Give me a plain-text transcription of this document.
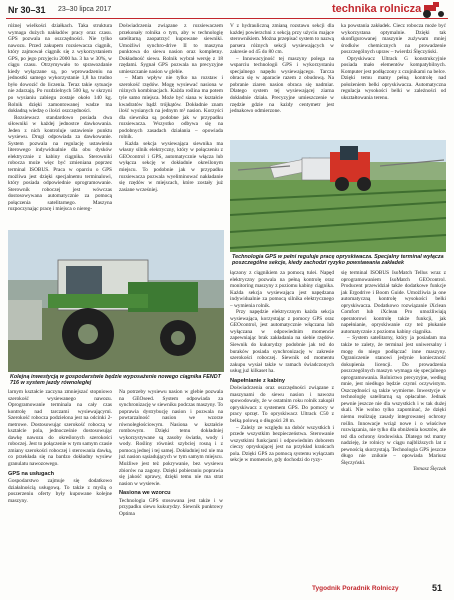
Nr 30–31 23–30 lipca 2017	technika rolnicza

różnej wielkości działkach. Taka struktura wymaga dużych nakładów pracy oraz czasu. GPS pozwala na oszczędności. Nie tylko nawozu. Przed zakupem rozsiewacza ciągnik, który zajmował ciągnik się z wykorzystaniem GPS, po jego przyjęciu 2000 ha. 3 ha w 30%, w ciągu czasu. Otrzymywało to sprawozdanie kiedy wyłączane są, po wprowadzeniu na jednostki samego wykorzystanie 1,8 ha trudno było dowozić do liczenia. Teraz takie sytuacje nie zdarzają. Po rozdzielnych 500 kg, w skrzyni po wysianiu zabiegu zostaje około 140 kg. Rolnik dzięki zamontowanej wadze ma dokładną wiedzę o ilości oszczędności.

Rozsiewacz standardowo posiada dwa siłowniki w każdej jednostce dawkowania. Jeden z nich kontroluje ustawienie punktu wysiewu. Drugi odpowiada za dawkowanie. System pozwala na regulację ustawienia literowego indywidualnie dla obu dysków elektrycznie z kabiny ciągnika. Sterowniki robocza może więc być zmieniana poprzez terminal ISOBUS. Praca w oparciu o GPS możliwa jest dzięki specjalnemu terminalowi, który posiada odpowiednie oprogramowanie. Sterownik roboczej jest wówczas dostosowywana automatycznie za pomocą połączenia satelitarnego. Maszyna rozpoczynając pracę i miejsca o niereg-

Doświadczenia związane z rozsiewaczem przekonały rolnika o tym, aby w technologię satelitarną zaopatrzyć kupowane siewniki. Umożliwi synchro-drive II to maszyna punktowa do siewu nasion oraz kompletny. Dokładność siewu. Rolnik wybrał wersję z 18 rzędami. Sygnał GPS pozwala na precyzyjne umieszczanie nasion w glebie.

– Mam wpływ nie tylko na rozstaw i szerokość rzędów. Mogę wysiewać nasiona w różnych kombinacjach. Każda roślina ma potem tyle samo miejsca. Może być siana w kształcie kwadratów bądź trójkątów. Dokładnie znam ilość wysianych na jednym m² nasion. Korzyści dla siewnika są podobne jak w przypadku rozsiewacza. Wszystko odbywa się na podobnych zasadach działania – opowiada rolnik.

Każda sekcja wysiewająca siewnika ma własny silnik elektryczny, który w połączeniu z GEOcontrol i GPS, automatycznie włącza lub wyłącza sekcję w dokładnie określonym miejscu. To podobnie jak w przypadku rozsiewacza pozwala wyeliminować nakładanie się rzędów w miejscach, które zostały już zasiane wcześniej.

V z hydrauliczną zmianą rozstawu sekcji dla każdej powierzchni z sekcją przy użyciu mające sterownikiem. Można przepisać system to nazwą parsera różnych sekcji wysiewających w zakresie od 45 do 80 cm.

– Innowacyjność tej maszyny polega na wsparciu technologii GPS i wykorzystaniu specjalnego napędu wysiewającego. Tarcza obraca się w aparacie razem z obudową. Na pobranie ziaren nasion obraca się nadmiar. Dlatego system tej wysiewającej ziarna dokładnie działa. Precyzyjne umieszczenie w rzędzie gdzie na każdy centymetr jest jednakowo odmierzone.

ka powstania zakładek. Ciecz robocza może być wykorzystana optymalnie. Dzięki tak skonfigurowanej maszynie zużywam mniej środków chemicznych na prowadzenie poszczególnych upraw – twierdzi Ślęczyński.

Opryskiwacz Ultrack G konstrukcyjnie posiada mało elementów kompatybilnych. Komputer jest podłączony z czujnikami na belce. Dzięki temu mamy pełną kontrolę nad położeniem belki opryskiwacza. Automatyczna regulacja wysokości belki w zależności od ukształtowania terenu.

Technologia GPS w pełni reguluje pracę opryskiwacza. Specjalny terminal wyłącza poszczególne sekcje, kiedy zachodzi ryzyko powstawania zakładek
Kolejną inwestycją w gospodarstwie będzie wyposażenie nowego ciągnika FENDT 716 w system jazdy równoległej

larnym kształcie zaczyna zmniejszać stopniowo szerokość wysiewanego nawozu. Oprogramowanie terminala na cały czas kontrolę nad tarczami wysiewającymi. Szerokość robocza podzielona jest na odcinki 2-metrowe. Dostosowując szerokość roboczą w kształcie pola, jednocześnie dostosowując dawkę nawozu do określonych szerokości roboczej. Jest to połączenie w tym samym czasie zmiany szerokości roboczej i sterowania dawką, co przekłada się na bardzo dokładny wysiew granulatu nawozowego.

GPS na usługach

Gospodarstwo zajmuje się dodatkowo działalnością usługową. To także z myślą o poszerzeniu oferty były kupowane kolejne maszyny.

Na potrzeby wysiewu nasion w glebie pozwala na GEOseed. System odpowiada za synchronizację w siewniku podczas maszyny. To poprawia dystrybucję nasion i pozwala na powtarzalność nasion we wzorze równoległościowym. Nasiona w kształcie rombowym. Dzięki temu dokładniej wykorzystywane są zasoby światła, wody i wody. Rośliny również szybciej rosną i z pomocą jednej i tej samej. Dokładniej też nie ma już nasion sąsiadujących w tym samym miejscu. Możliwe jest też pokrywanie, bez wysiewu zbiorów na zagony. Dzięki pobieraniu poprawia się jakość uprawy, dzięki temu nie ma strat nasion w wysiewie.

Nasiona we wzorcu

Technologia GPS stosowana jest także i w przypadku siewu kukurydzy. Siewnik punktowy Optima

łączony z ciągnikiem za pomocą tulei. Napęd elektryczny pozwala na pełną kontrolę oraz monitoring maszyny z poziomu kabiny ciągnika. Każda sekcja wysiewająca jest napędzana indywidualnie za pomocą silnika elektrycznego – wymienia rolnik.

Przy napędzie elektrycznym każda sekcja wysiewająca, korzystając z pomocy GPS oraz GEOcontrol, jest automatycznie włączana lub wyłączana w odpowiednim momencie zapewniając brak zakładania na siebie rzędów. Siewnik do kukurydzy podobnie jak też do buraków posiada synchronizację w zakresie szerokości roboczej. Siewnik od momentu zakupu wysiał także w ramach świadczonych usług już kilkaset ha.

Napełnianie z kabiny

Doświadczenia oraz oszczędności związane z maszynami do siewu nasion i nawozu spowodowały, że w ostatnim roku rolnik zakupił opryskiwacz z systemem GPS. Do pomocy w pracy sprzęt. To opryskiwacz Ultrack C50 z belką polową o długości 28 m.

– Zależy ze względu na dobór wszystkich i przede wszystkim bezpieczeństwa. Sterowanie wszystkimi funkcjami i odpowiednim doborem cieczy opryskującej jest na przykład krańcach pola. Dzięki GPS za pomocą systemu wyłączam sekcje w momencie, gdy dochodzi do ryzy-

się terminal ISOBUS IsoMatch Tellus wraz z oprogramowaniem IsoMatch GEOcontrol. Producent przewidział także dodatkowe funkcje jak Ergodrive i Boom Guide. Umożliwia ja one automatyczną kontrolę wysokości belki opryskiwacza. Dodatkowo rozwiązanie iXclean Comfort lub iXclean Pro umożliwiają operatorowi kontrolę także funkcji, jak napełnianie, opryskiwanie czy też płukanie automatycznie z poziomu kabiny ciągnika.

– System satelitarny, który ja posiadam ma także te zalety, że terminal jest uniwersalny i mogę do niego podłączać inne maszyny. Ograniczenie stanowi jedynie konieczność dokupienia licencji. Do prowadzenia poszczególnych maszyn wymaga się specjalnego oprogramowania. Rolnictwo precyzyjne, według mnie, jest niedługo będzie czymś oczywistym. Oszczędności są także wymierne. Inwestycje w technologię satelitarną są opłacalne. Jednak pewnie jeszcze nie dla wszystkich i w tak dużej skali. Nie wolno tylko zapominać, że dzięki niemu realizuję zasady integrowanej ochrony roślin. Innowacje wciąż nowe i o właściwe rozwiązania, nie tylko dla obniżenia kosztów, ale też dla ochrony środowiska. Dlatego też mamy nadzieję, że rolnicy w ciągu najbliższych lat z pewnością skorzystają. Technologia GPS jeszcze długo nie zniknie – opowiada Mariusz Ślęczyński.

Tomasz Ślęczak

Tygodnik Poradnik Rolniczy	51
